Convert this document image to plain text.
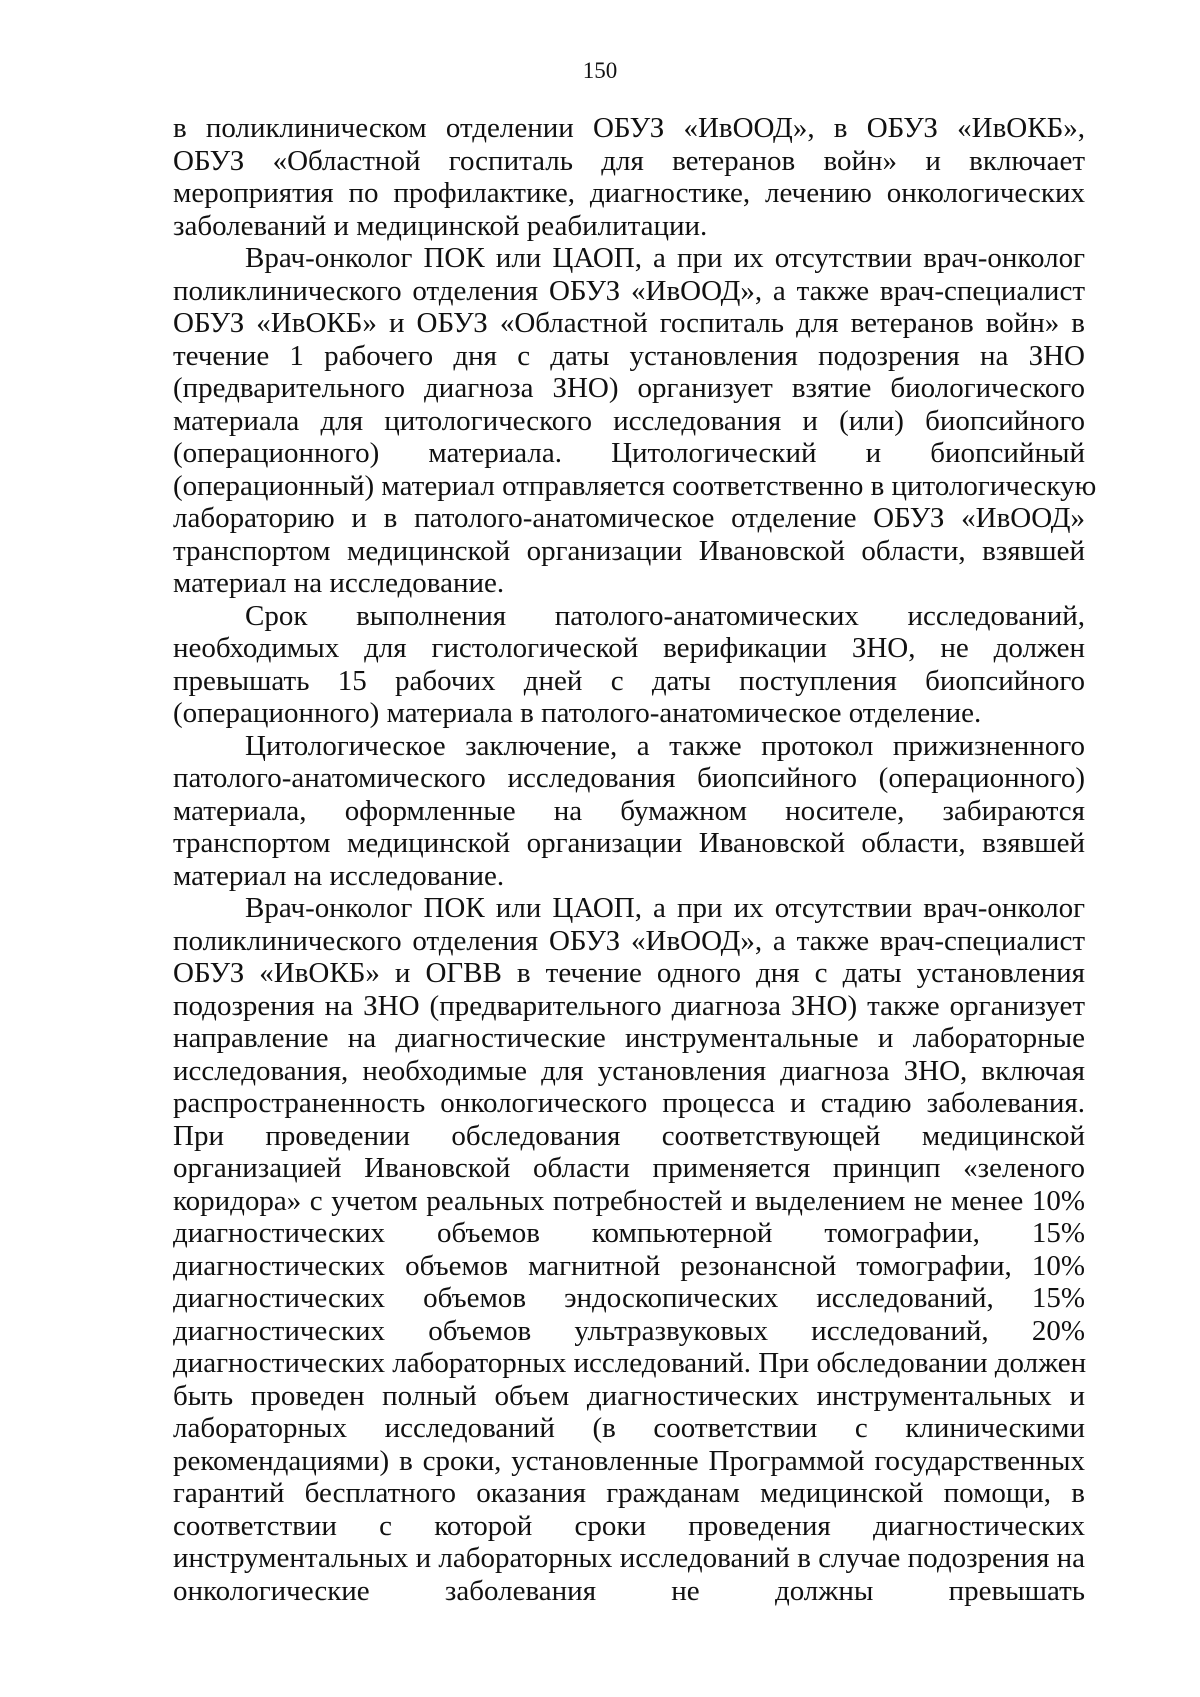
150
в поликлиническом отделении ОБУЗ «ИвООД», в ОБУЗ «ИвОКБ»,
ОБУЗ «Областной госпиталь для ветеранов войн» и включает
мероприятия по профилактике, диагностике, лечению онкологических
заболеваний и медицинской реабилитации.
Врач-онколог ПОК или ЦАОП, а при их отсутствии врач-онколог
поликлинического отделения ОБУЗ «ИвООД», а также врач-специалист
ОБУЗ «ИвОКБ» и ОБУЗ «Областной госпиталь для ветеранов войн» в
течение 1 рабочего дня с даты установления подозрения на ЗНО
(предварительного диагноза ЗНО) организует взятие биологического
материала для цитологического исследования и (или) биопсийного
(операционного) материала. Цитологический и биопсийный
(операционный) материал отправляется соответственно в цитологическую
лабораторию и в патолого-анатомическое отделение ОБУЗ «ИвООД»
транспортом медицинской организации Ивановской области, взявшей
материал на исследование.
Срок выполнения патолого-анатомических исследований,
необходимых для гистологической верификации ЗНО, не должен
превышать 15 рабочих дней с даты поступления биопсийного
(операционного) материала в патолого-анатомическое отделение.
Цитологическое заключение, а также протокол прижизненного
патолого-анатомического исследования биопсийного (операционного)
материала, оформленные на бумажном носителе, забираются
транспортом медицинской организации Ивановской области, взявшей
материал на исследование.
Врач-онколог ПОК или ЦАОП, а при их отсутствии врач-онколог
поликлинического отделения ОБУЗ «ИвООД», а также врач-специалист
ОБУЗ «ИвОКБ» и ОГВВ в течение одного дня с даты установления
подозрения на ЗНО (предварительного диагноза ЗНО) также организует
направление на диагностические инструментальные и лабораторные
исследования, необходимые для установления диагноза ЗНО, включая
распространенность онкологического процесса и стадию заболевания.
При проведении обследования соответствующей медицинской
организацией Ивановской области применяется принцип «зеленого
коридора» с учетом реальных потребностей и выделением не менее 10%
диагностических объемов компьютерной томографии, 15%
диагностических объемов магнитной резонансной томографии, 10%
диагностических объемов эндоскопических исследований, 15%
диагностических объемов ультразвуковых исследований, 20%
диагностических лабораторных исследований. При обследовании должен
быть проведен полный объем диагностических инструментальных и
лабораторных исследований (в соответствии с клиническими
рекомендациями) в сроки, установленные Программой государственных
гарантий бесплатного оказания гражданам медицинской помощи, в
соответствии с которой сроки проведения диагностических
инструментальных и лабораторных исследований в случае подозрения на
онкологические заболевания не должны превышать
